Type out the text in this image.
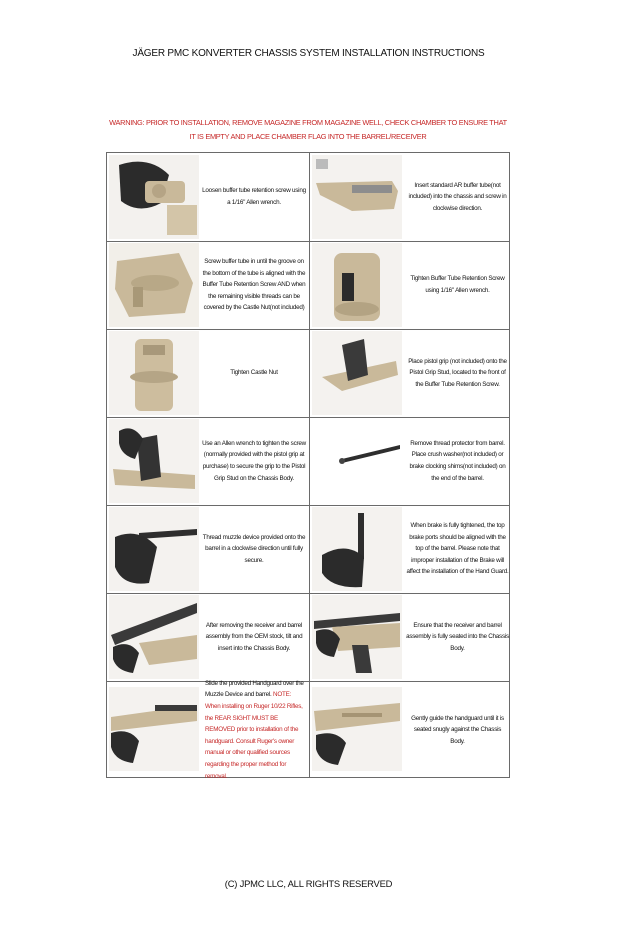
JÄGER PMC KONVERTER CHASSIS SYSTEM INSTALLATION INSTRUCTIONS
WARNING: PRIOR TO INSTALLATION, REMOVE MAGAZINE FROM MAGAZINE WELL, CHECK CHAMBER TO ENSURE THAT IT IS EMPTY AND PLACE CHAMBER FLAG INTO THE BARREL/RECEIVER
Loosen buffer tube retention screw using a 1/16" Allen wrench.
Insert standard AR buffer tube(not included) into the chassis and screw in clockwise direction.
Screw buffer tube in until the groove on the bottom of the tube is aligned with the Buffer Tube Retention Screw AND when the remaining visible threads can be covered by the Castle Nut(not included)
Tighten Buffer Tube Retention Screw using 1/16" Allen wrench.
Tighten Castle Nut
Place pistol grip (not included) onto the Pistol Grip Stud, located to the front of the Buffer Tube Retention Screw.
Use an Allen wrench to tighten the screw (normally provided with the pistol grip at purchase) to secure the grip to the Pistol Grip Stud on the Chassis Body.
Remove thread protector from barrel. Place crush washer(not included) or brake clocking shims(not included) on the end of the barrel.
Thread muzzle device provided onto the barrel in a clockwise direction until fully secure.
When brake is fully tightened, the top brake ports should be aligned with the top of the barrel. Please note that improper installation of the Brake will affect the installation of the Hand Guard.
After removing the receiver and barrel assembly from the OEM stock, tilt and insert into the Chassis Body.
Ensure that the receiver and barrel assembly is fully seated into the Chassis Body.
Slide the provided Handguard over the Muzzle Device and barrel. NOTE: When installing on Ruger 10/22 Rifles, the REAR SIGHT MUST BE REMOVED prior to installation of the handguard. Consult Ruger's owner manual or other qualified sources regarding the proper method for removal.
Gently guide the handguard until it is seated snugly against the Chassis Body.
(C) JPMC LLC, ALL RIGHTS RESERVED
